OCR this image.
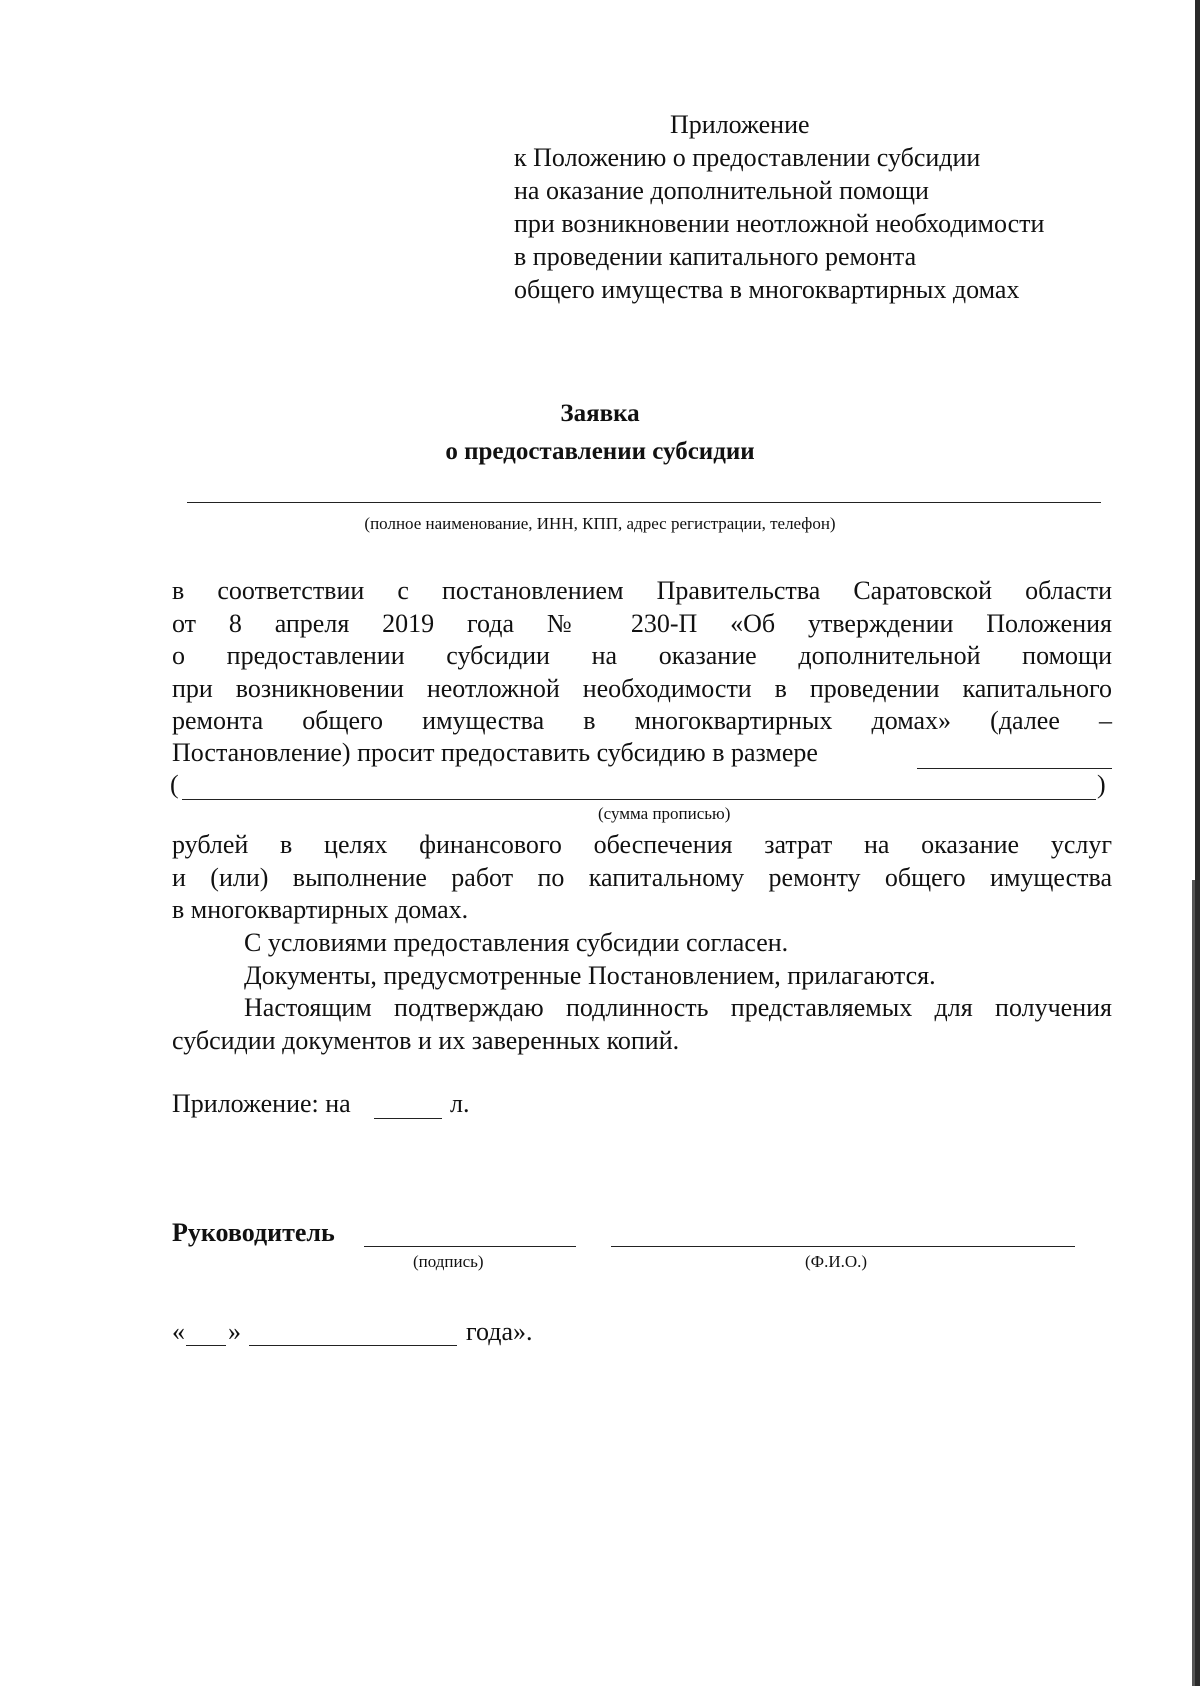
Приложение
к Положению о предоставлении субсидии
на оказание дополнительной помощи
при возникновении неотложной необходимости
в проведении капитального ремонта
общего имущества в многоквартирных домах
Заявка
о предоставлении субсидии
(полное наименование, ИНН, КПП, адрес регистрации, телефон)
в соответствии с постановлением Правительства Саратовской области
от 8 апреля 2019 года № 230-П «Об утверждении Положения
о предоставлении субсидии на оказание дополнительной помощи
при возникновении неотложной необходимости в проведении капитального
ремонта общего имущества в многоквартирных домах» (далее –
Постановление) просит предоставить субсидию в размере
(	)
(сумма прописью)
рублей в целях финансового обеспечения затрат на оказание услуг
и (или) выполнение работ по капитальному ремонту общего имущества
в многоквартирных домах.
С условиями предоставления субсидии согласен.
Документы, предусмотренные Постановлением, прилагаются.
Настоящим подтверждаю подлинность представляемых для получения
субсидии документов и их заверенных копий.
Приложение: на	л.
Руководитель
(подпись)	(Ф.И.О.)
« »	года».
